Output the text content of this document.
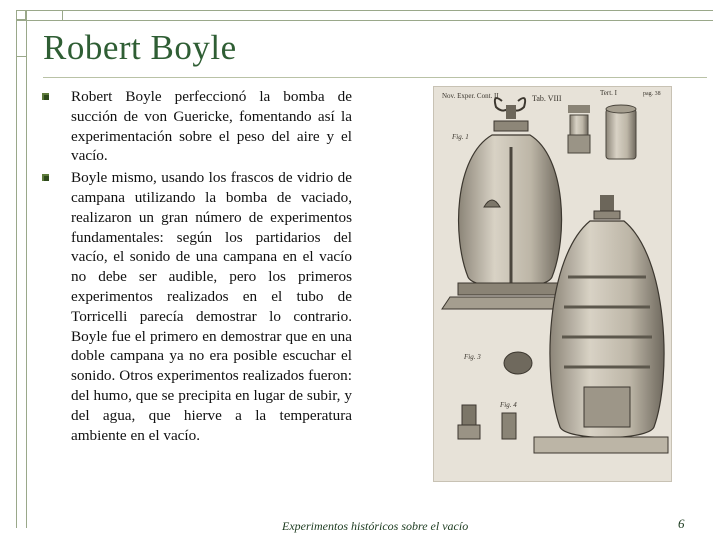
Robert Boyle
Robert Boyle perfeccionó la bomba de succión de von Guericke, fomentando así la experimentación sobre el peso del aire y el vacío.
Boyle mismo, usando los frascos de vidrio de campana utilizando la bomba de vaciado, realizaron un gran número de experimentos fundamentales: según los partidarios del vacío, el sonido de una campana en el vacío no debe ser audible, pero los primeros experimentos realizados en el tubo de Torricelli parecía demostrar lo contrario. Boyle fue el primero en demostrar que en una doble campana ya no era posible escuchar el sonido. Otros experimentos realizados fueron: del humo, que se precipita en lugar de subir, y del agua, que hierve a la temperatura ambiente en el vacío.
Nov. Exper. Cont. II	Tab. VIII
Tert. I	pag. 38
Fig. 1
Fig. 3
Fig. 4
Experimentos históricos sobre el vacío	6
